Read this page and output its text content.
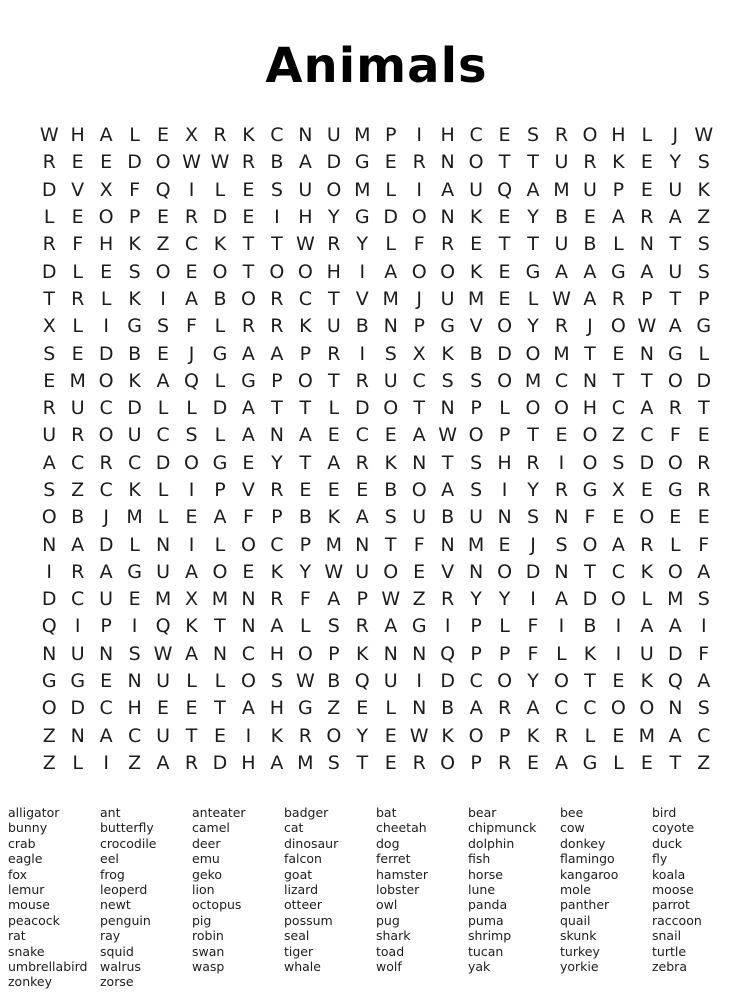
Animals
W H A L E X R K C N U M P	I H C E S R O H L	J W
R E E D O W W R B A D G E R N O T T U R K E Y S
D V X F Q I	L E S U O M L	I	A U Q A M U P E U K
L E O P E R D E	I H Y G D O N K E Y B E A R A Z
R F H K Z C K T T W R Y L F R E T T U B L N T S
D L E S O E O T O O H I	A O O K E G A A G A U S
T R L K	I	A B O R C T V M J U M E L W A R P T P
X L	I G S F L R R K U B N P G V O Y R	J O W A G
S E D B E	J G A A P R	I	S X K B D O M T E N G L
E M O K A Q L G P O T R U C S S O M C N T T O D
R U C D L L D A T T L D O T N P L O O H C A R T
U R O U C S L A N A E C E A W O P T E O Z C F E
A C R C D O G E Y T A R K N T S H R	I O S D O R
S Z C K L	I	P V R E E E B O A S	I	Y R G X E G R
O B	J M L E A F P B K A S U B U N S N F E O E E
N A D L N I	L O C P M N T F N M E	J	S O A R L F
I	R A G U A O E K Y W U O E V N O D N T C K O A
D C U E M X M N R F A P W Z R Y Y	I	A D O L M S
Q I	P	I Q K T N A L S R A G I	P L F	I	B	I	A A	I
N U N S W A N C H O P K N N Q P P F L K	I U D F
G G E N U L L O S W B Q U I D C O Y O T E K Q A
O D C H E E T A H G Z E L N B A R A C C O O N S
Z N A C U T E	I	K R O Y E W K O P K R L E M A C
Z L	I	Z A R D H A M S T E R O P R E A G L E T Z
alligator
bunny
crab
eagle
fox
lemur
mouse
peacock
rat
snake
umbrellabird
zonkey
ant
butterfly
crocodile
eel
frog
leoperd
newt
penguin
ray
squid
walrus
zorse
anteater
camel
deer
emu
geko
lion
octopus
pig
robin
swan
wasp
badger
cat
dinosaur
falcon
goat
lizard
otteer
possum
seal
tiger
whale
bat
cheetah
dog
ferret
hamster
lobster
owl
pug
shark
toad
wolf
bear
chipmunck
dolphin
fish
horse
lune
panda
puma
shrimp
tucan
yak
bee
cow
donkey
flamingo
kangaroo
mole
panther
quail
skunk
turkey
yorkie
bird
coyote
duck
fly
koala
moose
parrot
raccoon
snail
turtle
zebra
